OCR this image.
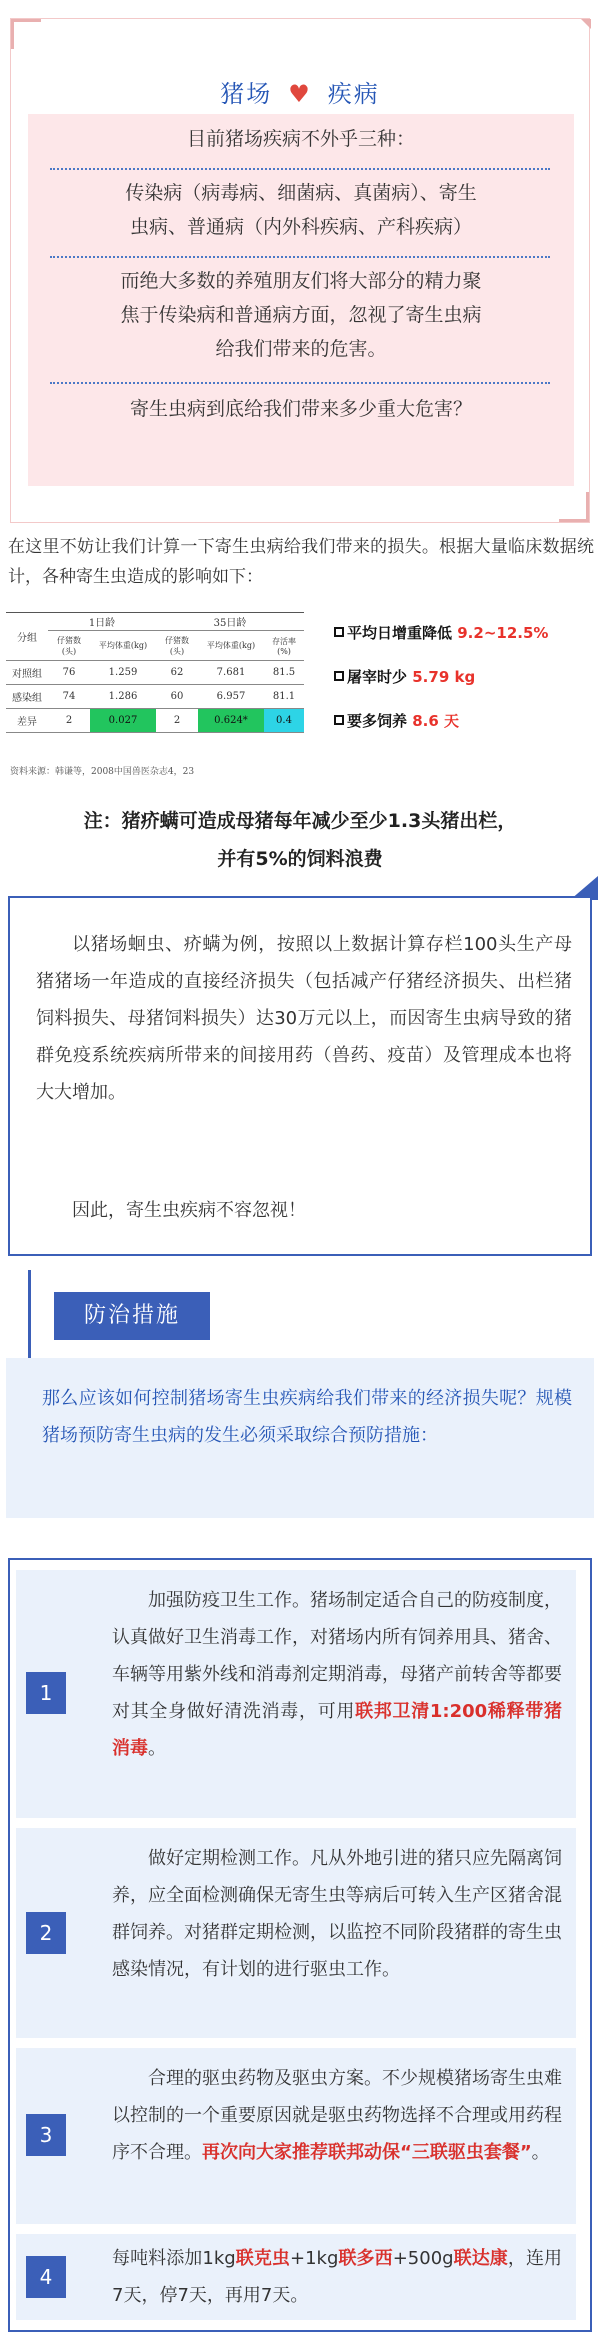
猪场 ♥ 疾病
目前猪场疾病不外乎三种：
传染病（病毒病、细菌病、真菌病）、寄生
虫病、普通病（内外科疾病、产科疾病）
而绝大多数的养殖朋友们将大部分的精力聚
焦于传染病和普通病方面，忽视了寄生虫病
给我们带来的危害。
寄生虫病到底给我们带来多少重大危害？

在这里不妨让我们计算一下寄生虫病给我们带来的损失。根据大量临床数据统计，各种寄生虫造成的影响如下：

分组	1日龄		35日龄		
	仔猪数(头)	平均体重(kg)	仔猪数(头)	平均体重(kg)	存活率(%)
对照组	76	1.259	62	7.681	81.5
感染组	74	1.286	60	6.957	81.1
差异	2	0.027	2	0.624*	0.4
资料来源：韩谦等，2008中国兽医杂志4，23
平均日增重降低 9.2~12.5%
屠宰时少 5.79 kg
要多饲养 8.6 天
注：猪疥螨可造成母猪每年减少至少1.3头猪出栏，
并有5%的饲料浪费

以猪场蛔虫、疥螨为例，按照以上数据计算存栏100头生产母猪猪场一年造成的直接经济损失（包括减产仔猪经济损失、出栏猪饲料损失、母猪饲料损失）达30万元以上，而因寄生虫病导致的猪群免疫系统疾病所带来的间接用药（兽药、疫苗）及管理成本也将大大增加。

因此，寄生虫疾病不容忽视！

防治措施

那么应该如何控制猪场寄生虫疾病给我们带来的经济损失呢？规模猪场预防寄生虫病的发生必须采取综合预防措施：

1
加强防疫卫生工作。猪场制定适合自己的防疫制度，认真做好卫生消毒工作，对猪场内所有饲养用具、猪舍、车辆等用紫外线和消毒剂定期消毒，母猪产前转舍等都要对其全身做好清洗消毒，可用联邦卫清1:200稀释带猪消毒。
2
做好定期检测工作。凡从外地引进的猪只应先隔离饲养，应全面检测确保无寄生虫等病后可转入生产区猪舍混群饲养。对猪群定期检测，以监控不同阶段猪群的寄生虫感染情况，有计划的进行驱虫工作。
3
合理的驱虫药物及驱虫方案。不少规模猪场寄生虫难以控制的一个重要原因就是驱虫药物选择不合理或用药程序不合理。再次向大家推荐联邦动保“三联驱虫套餐”。
4
每吨料添加1kg联克虫+1kg联多西+500g联达康，连用7天，停7天，再用7天。
